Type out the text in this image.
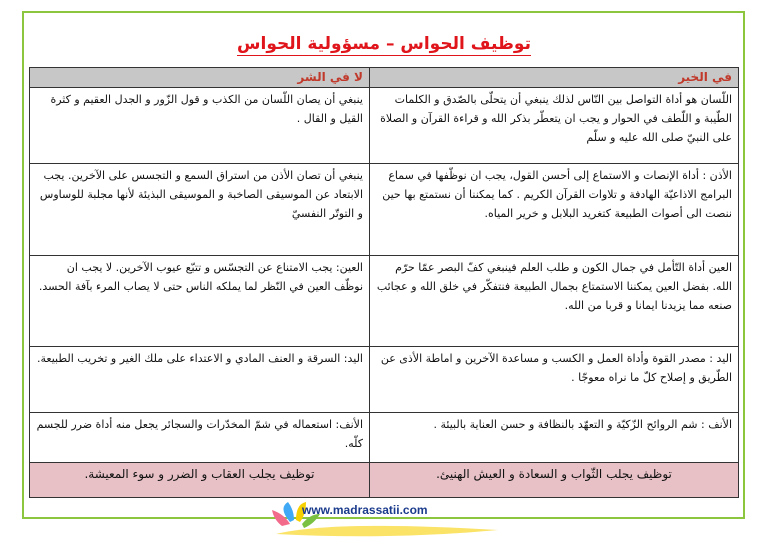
توظيف الحواس – مسؤولية الحواس
في الخير	لا في الشر
اللّسان هو أداة التواصل بين النّاس لذلك ينبغي أن يتحلّى بالصّدق و الكلمات الطّيبة و اللّطف في الحوار و يجب ان يتعطّر بذكر الله و قراءة القرآن و الصلاة على النبيّ صلى الله عليه و سلّم	ينبغي أن يصان اللّسان من الكذب و قول الزّور و الجدل العقيم و كثرة القيل و القال .
الأذن : أداة الإنصات و الاستماع إلى أحسن القول، يجب ان نوظّفها في سماع البرامج الاذاعيّة الهادفة و تلاوات القرآن الكريم . كما يمكننا أن نستمتع بها حين ننصت الى أصوات الطبيعة كتغريد البلابل و خرير المياه.	ينبغي أن تصان الأذن من استراق السمع و التجسس على الآخرين. يجب الابتعاد عن الموسيقى الصاخبة و الموسيقى البذيئة لأنها مجلبة للوساوس و التوتّر النفسيّ
العين أداة التّأمل في جمال الكون و طلب العلم فينبغي كفّ البصر عمّا حرّم الله. بفضل العين يمكننا الاستمتاع بجمال الطبيعة فنتفكّر في خلق الله و عجائب صنعه مما يزيدنا ايمانا و قربا من الله.	العين: يجب الامتناع عن التجسّس و تتبّع عيوب الآخرين. لا يجب ان نوظّف العين في النّظر لما يملكه الناس حتى لا يصاب المرء بآفة الحسد.
اليد : مصدر القوة وأداة العمل و الكسب و مساعدة الآخرين و اماطة الأذى عن الطّريق و إصلاح كلّ ما نراه معوجّا .	اليد: السرقة و العنف المادي و الاعتداء على ملك الغير و تخريب الطبيعة.
الأنف : شم الروائح الزّكيّة و التعهّد بالنظافة و حسن العناية بالبيئة .	الأنف: استعماله في شمّ المخدّرات والسجائر يجعل منه أداة ضرر للجسم كلّه.
توظيف يجلب الثّواب و السعادة و العيش الهنيئ.	توظيف يجلب العقاب و الضرر و سوء المعيشة.
www.madrassatii.com
